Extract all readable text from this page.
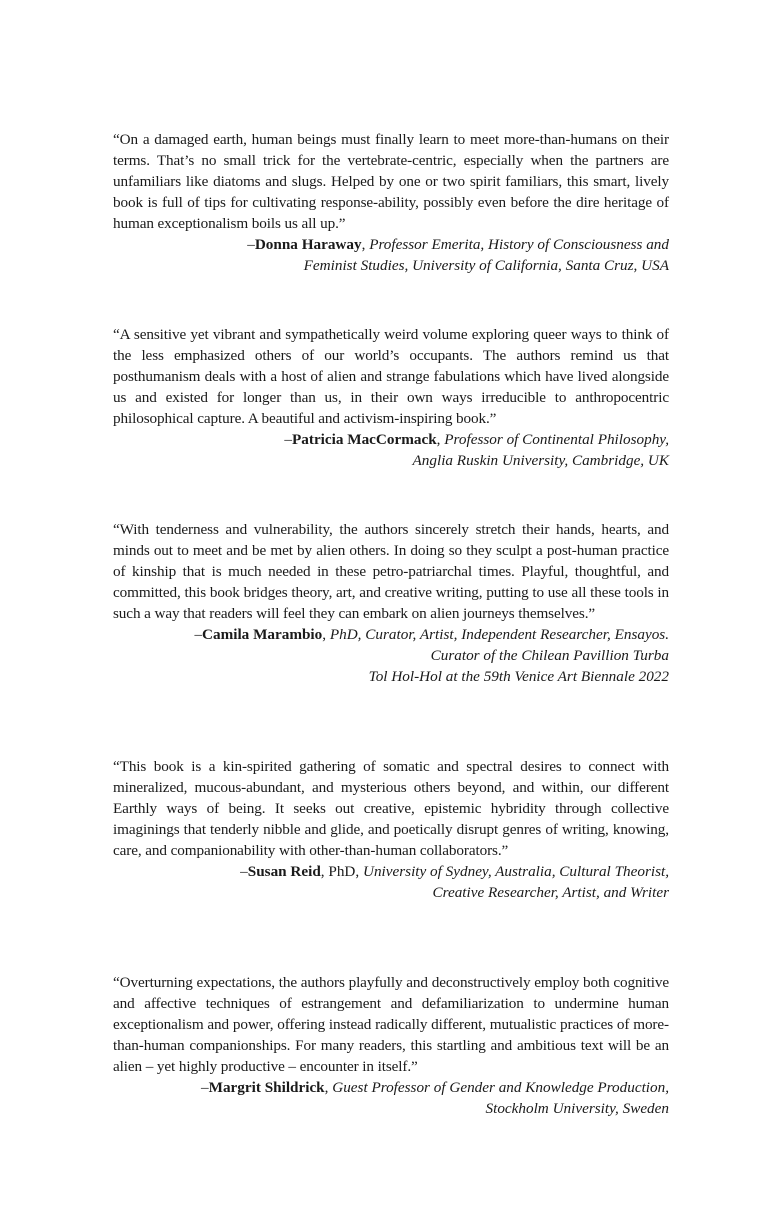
“On a damaged earth, human beings must finally learn to meet more-than-humans on their terms. That’s no small trick for the vertebrate-centric, especially when the partners are unfamiliars like diatoms and slugs. Helped by one or two spirit familiars, this smart, lively book is full of tips for cultivating response-ability, possibly even before the dire heritage of human exceptionalism boils us all up.”

–Donna Haraway, Professor Emerita, History of Consciousness and
Feminist Studies, University of California, Santa Cruz, USA

“A sensitive yet vibrant and sympathetically weird volume exploring queer ways to think of the less emphasized others of our world’s occupants. The authors remind us that posthumanism deals with a host of alien and strange fabulations which have lived alongside us and existed for longer than us, in their own ways irreducible to anthropocentric philosophical capture. A beautiful and activism-inspiring book.”

–Patricia MacCormack, Professor of Continental Philosophy,
Anglia Ruskin University, Cambridge, UK

“With tenderness and vulnerability, the authors sincerely stretch their hands, hearts, and minds out to meet and be met by alien others. In doing so they sculpt a post-human practice of kinship that is much needed in these petro-patriarchal times. Playful, thoughtful, and committed, this book bridges theory, art, and creative writing, putting to use all these tools in such a way that readers will feel they can embark on alien journeys themselves.”

–Camila Marambio, PhD, Curator, Artist, Independent Researcher, Ensayos.
Curator of the Chilean Pavillion Turba
Tol Hol-Hol at the 59th Venice Art Biennale 2022

“This book is a kin-spirited gathering of somatic and spectral desires to connect with mineralized, mucous-abundant, and mysterious others beyond, and within, our different Earthly ways of being. It seeks out creative, epistemic hybridity through collective imaginings that tenderly nibble and glide, and poetically disrupt genres of writing, knowing, care, and companionability with other-than-human collaborators.”

–Susan Reid, PhD, University of Sydney, Australia, Cultural Theorist,
Creative Researcher, Artist, and Writer

“Overturning expectations, the authors playfully and deconstructively employ both cognitive and affective techniques of estrangement and defamiliarization to undermine human exceptionalism and power, offering instead radically different, mutualistic practices of more-than-human companionships. For many readers, this startling and ambitious text will be an alien – yet highly productive – encounter in itself.”

–Margrit Shildrick, Guest Professor of Gender and Knowledge Production,
Stockholm University, Sweden
